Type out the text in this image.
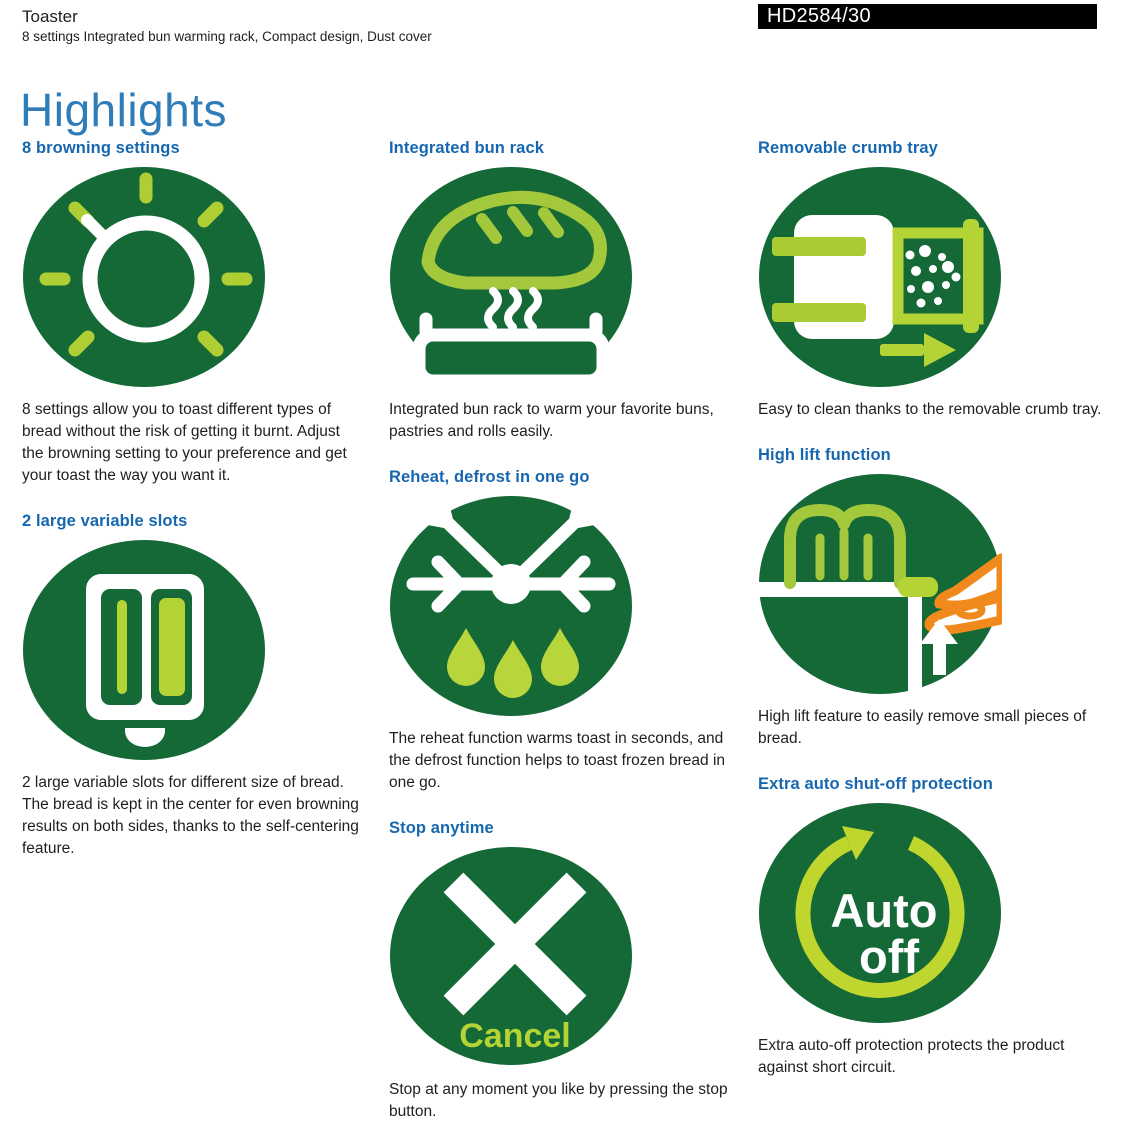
Toaster
8 settings Integrated bun warming rack, Compact design, Dust cover
HD2584/30
Highlights
8 browning settings

8 settings allow you to toast different types of bread without the risk of getting it burnt. Adjust the browning setting to your preference and get your toast the way you want it.

2 large variable slots

2 large variable slots for different size of bread. The bread is kept in the center for even browning results on both sides, thanks to the self-centering feature.

Integrated bun rack

Integrated bun rack to warm your favorite buns, pastries and rolls easily.

Reheat, defrost in one go

The reheat function warms toast in seconds, and the defrost function helps to toast frozen bread in one go.

Stop anytime
Cancel

Stop at any moment you like by pressing the stop button.

Removable crumb tray

Easy to clean thanks to the removable crumb tray.

High lift function

High lift feature to easily remove small pieces of bread.

Extra auto shut-off protection
Auto
off

Extra auto-off protection protects the product against short circuit.
